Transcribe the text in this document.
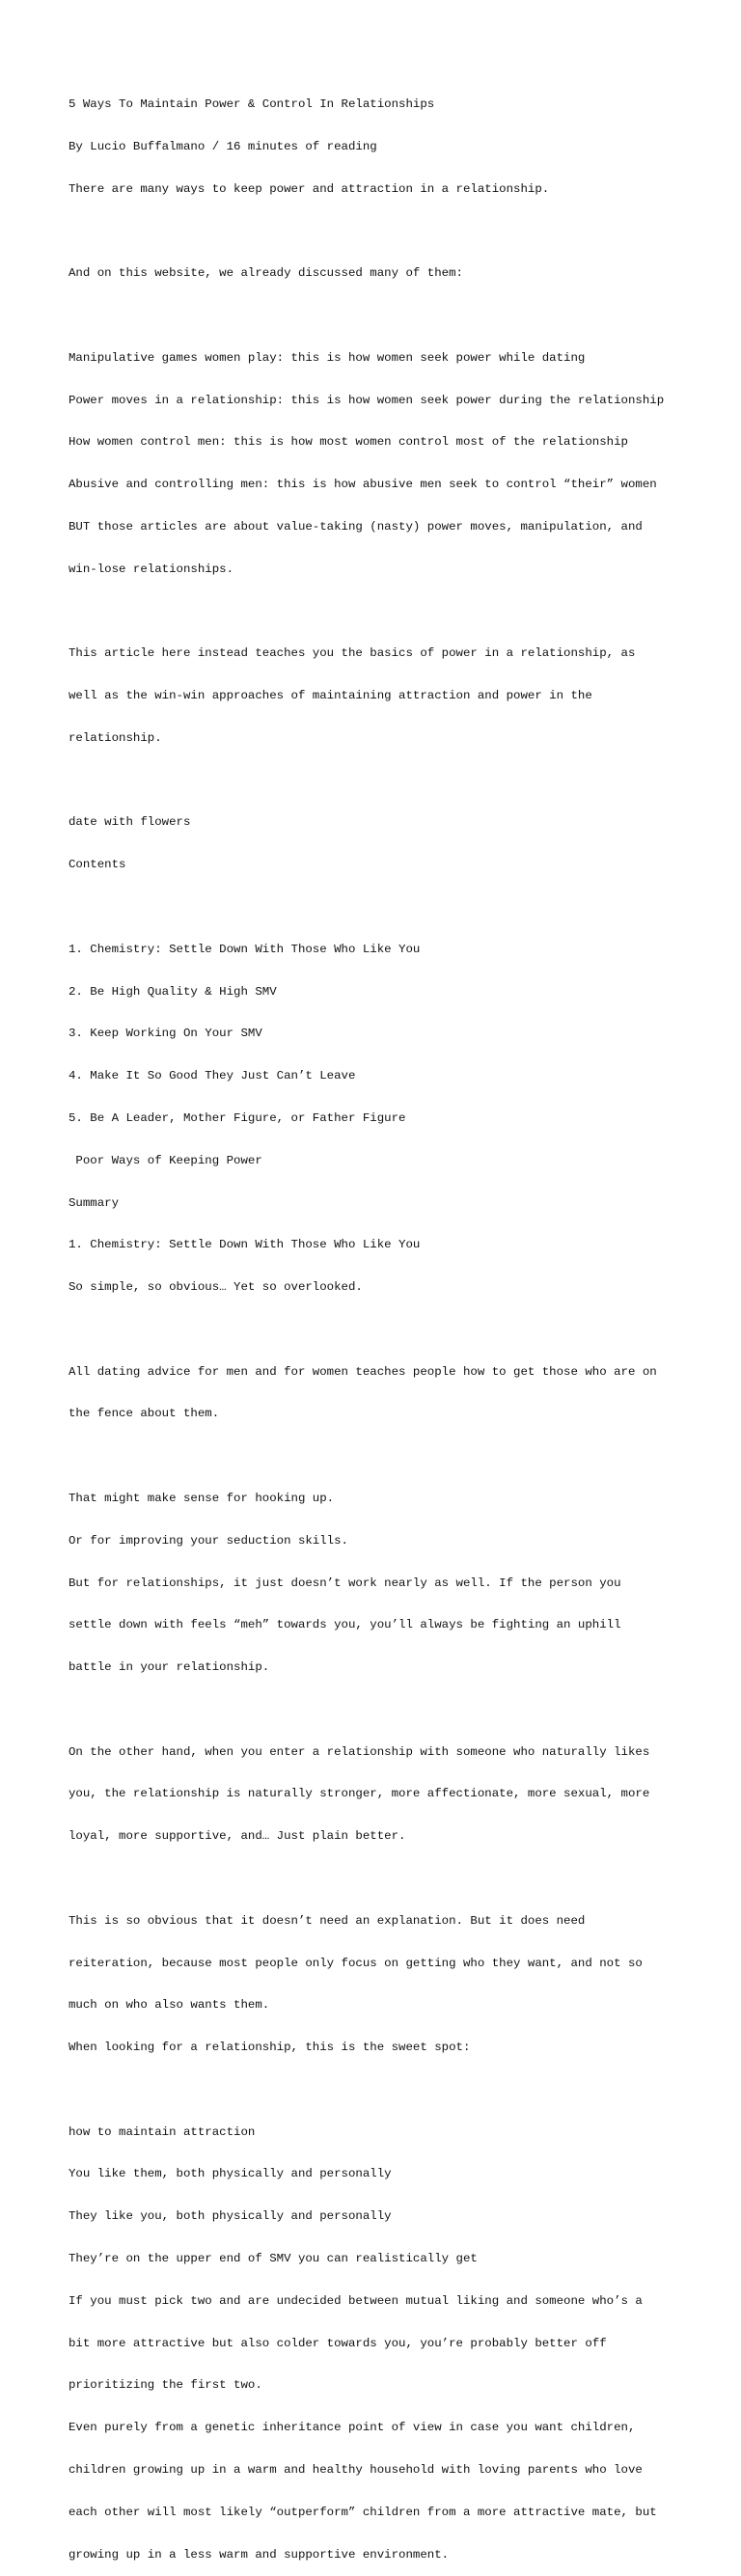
5 Ways To Maintain Power & Control In Relationships

By Lucio Buffalmano / 16 minutes of reading

There are many ways to keep power and attraction in a relationship.

And on this website, we already discussed many of them:

Manipulative games women play: this is how women seek power while dating

Power moves in a relationship: this is how women seek power during the relationship

How women control men: this is how most women control most of the relationship

Abusive and controlling men: this is how abusive men seek to control “their” women

BUT those articles are about value-taking (nasty) power moves, manipulation, and

win-lose relationships.

This article here instead teaches you the basics of power in a relationship, as

well as the win-win approaches of maintaining attraction and power in the

relationship.

date with flowers

Contents

1. Chemistry: Settle Down With Those Who Like You

2. Be High Quality & High SMV

3. Keep Working On Your SMV

4. Make It So Good They Just Can’t Leave

5. Be A Leader, Mother Figure, or Father Figure

Poor Ways of Keeping Power

Summary

1. Chemistry: Settle Down With Those Who Like You

So simple, so obvious… Yet so overlooked.

All dating advice for men and for women teaches people how to get those who are on

the fence about them.

That might make sense for hooking up.

Or for improving your seduction skills.

But for relationships, it just doesn’t work nearly as well. If the person you

settle down with feels “meh” towards you, you’ll always be fighting an uphill

battle in your relationship.

On the other hand, when you enter a relationship with someone who naturally likes

you, the relationship is naturally stronger, more affectionate, more sexual, more

loyal, more supportive, and… Just plain better.

This is so obvious that it doesn’t need an explanation. But it does need

reiteration, because most people only focus on getting who they want, and not so

much on who also wants them.

When looking for a relationship, this is the sweet spot:

how to maintain attraction

You like them, both physically and personally

They like you, both physically and personally

They’re on the upper end of SMV you can realistically get

If you must pick two and are undecided between mutual liking and someone who’s a

bit more attractive but also colder towards you, you’re probably better off

prioritizing the first two.

Even purely from a genetic inheritance point of view in case you want children,

children growing up in a warm and healthy household with loving parents who love

each other will most likely “outperform” children from a more attractive mate, but

growing up in a less warm and supportive environment.
